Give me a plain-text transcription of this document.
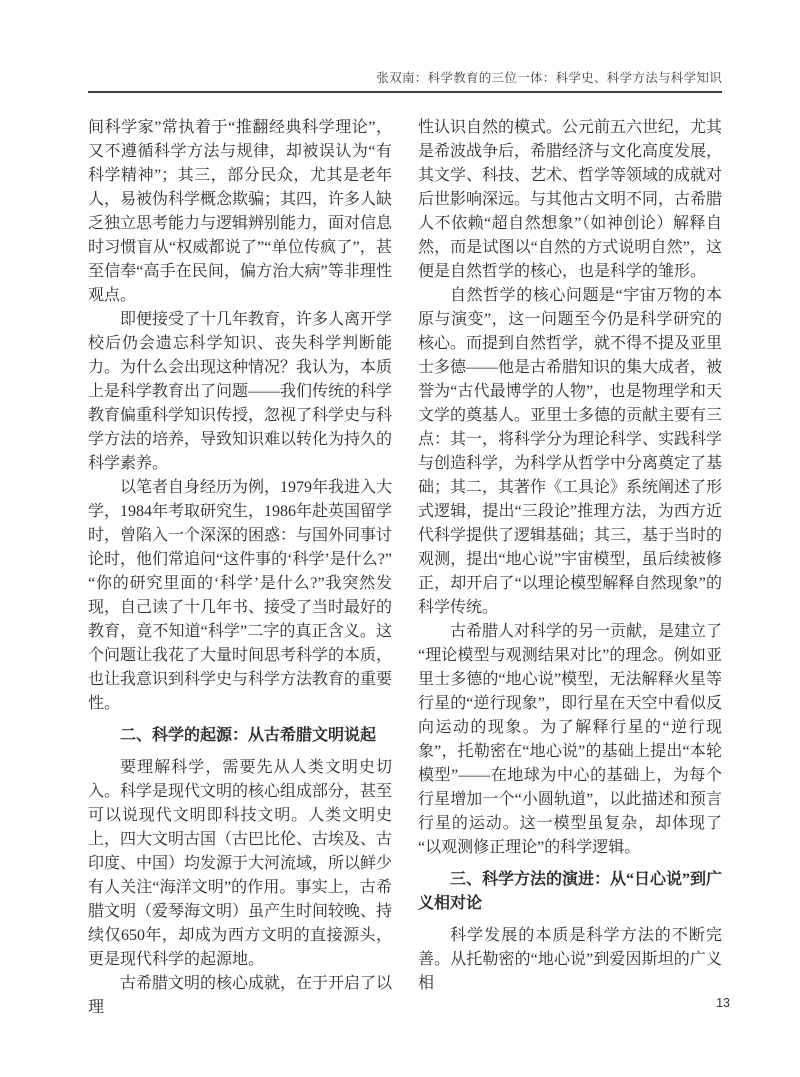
张双南：科学教育的三位一体：科学史、科学方法与科学知识

间科学家”常执着于“推翻经典科学理论”，又不遵循科学方法与规律，却被误认为“有科学精神”；其三，部分民众，尤其是老年人，易被伪科学概念欺骗；其四，许多人缺乏独立思考能力与逻辑辨别能力，面对信息时习惯盲从“权威都说了”“单位传疯了”，甚至信奉“高手在民间，偏方治大病”等非理性观点。

即便接受了十几年教育，许多人离开学校后仍会遗忘科学知识、丧失科学判断能力。为什么会出现这种情况？我认为，本质上是科学教育出了问题——我们传统的科学教育偏重科学知识传授，忽视了科学史与科学方法的培养，导致知识难以转化为持久的科学素养。

以笔者自身经历为例，1979年我进入大学，1984年考取研究生，1986年赴英国留学时，曾陷入一个深深的困惑：与国外同事讨论时，他们常追问“这件事的‘科学’是什么?”“你的研究里面的‘科学’是什么?”我突然发现，自己读了十几年书、接受了当时最好的教育，竟不知道“科学”二字的真正含义。这个问题让我花了大量时间思考科学的本质，也让我意识到科学史与科学方法教育的重要性。

二、科学的起源：从古希腊文明说起

要理解科学，需要先从人类文明史切入。科学是现代文明的核心组成部分，甚至可以说现代文明即科技文明。人类文明史上，四大文明古国（古巴比伦、古埃及、古印度、中国）均发源于大河流域，所以鲜少有人关注“海洋文明”的作用。事实上，古希腊文明（爱琴海文明）虽产生时间较晚、持续仅650年，却成为西方文明的直接源头，更是现代科学的起源地。

古希腊文明的核心成就，在于开启了以理

性认识自然的模式。公元前五六世纪，尤其是希波战争后，希腊经济与文化高度发展，其文学、科技、艺术、哲学等领域的成就对后世影响深远。与其他古文明不同，古希腊人不依赖“超自然想象”（如神创论）解释自然，而是试图以“自然的方式说明自然”，这便是自然哲学的核心，也是科学的雏形。

自然哲学的核心问题是“宇宙万物的本原与演变”，这一问题至今仍是科学研究的核心。而提到自然哲学，就不得不提及亚里士多德——他是古希腊知识的集大成者，被誉为“古代最博学的人物”，也是物理学和天文学的奠基人。亚里士多德的贡献主要有三点：其一，将科学分为理论科学、实践科学与创造科学，为科学从哲学中分离奠定了基础；其二，其著作《工具论》系统阐述了形式逻辑，提出“三段论”推理方法，为西方近代科学提供了逻辑基础；其三，基于当时的观测，提出“地心说”宇宙模型，虽后续被修正，却开启了“以理论模型解释自然现象”的科学传统。

古希腊人对科学的另一贡献，是建立了“理论模型与观测结果对比”的理念。例如亚里士多德的“地心说”模型，无法解释火星等行星的“逆行现象”，即行星在天空中看似反向运动的现象。为了解释行星的“逆行现象”，托勒密在“地心说”的基础上提出“本轮模型”——在地球为中心的基础上，为每个行星增加一个“小圆轨道”，以此描述和预言行星的运动。这一模型虽复杂，却体现了“以观测修正理论”的科学逻辑。

三、科学方法的演进：从“日心说”到广义相对论

科学发展的本质是科学方法的不断完善。从托勒密的“地心说”到爱因斯坦的广义相

13
